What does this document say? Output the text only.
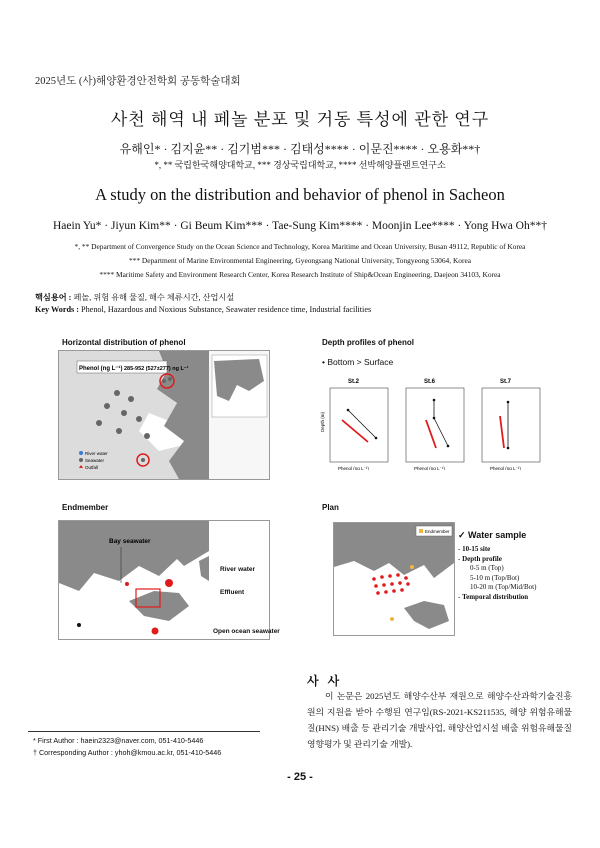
2025년도 (사)해양환경안전학회 공동학술대회
사천 해역 내 페놀 분포 및 거동 특성에 관한 연구
유해인* · 김지윤** · 김기범*** · 김태성**** · 이문진**** · 오용화**†
*, ** 국립한국해양대학교, *** 경상국립대학교, **** 선박해양플랜트연구소
A study on the distribution and behavior of phenol in Sacheon
Haein Yu* · Jiyun Kim** · Gi Beum Kim*** · Tae-Sung Kim**** · Moonjin Lee**** · Yong Hwa Oh**†
*, ** Department of Convergence Study on the Ocean Science and Technology, Korea Maritime and Ocean University, Busan 49112, Republic of Korea
*** Department of Marine Environmental Engineering, Gyeongsang National University, Tongyeong 53064, Korea
**** Maritime Safety and Environment Research Center, Korea Research Institute of Ship&Ocean Engineering, Daejeon 34103, Korea
핵심용어 : 페놀, 위험 유해 물질, 해수 체류시간, 산업시설
Key Words : Phenol, Hazardous and Noxious Substance, Seawater residence time, Industrial facilities
Horizontal distribution of phenol
Phenol (ng L⁻¹) 285-952 (527±277) ng L⁻¹
River water
Seawater
Outfall
Depth profiles of phenol
• Bottom > Surface
St.2
Phenol (ng L⁻¹)
Depth (m)
St.6
Phenol (ng L⁻¹)
St.7
Phenol (ng L⁻¹)
Endmember
Bay seawater
River water
Effluent
Open ocean seawater
Plan
Endmember ✓ Water sample
- 10-15 site
- Depth profile
0-5 m (Top)
5-10 m (Top/Bot)
10-20 m (Top/Mid/Bot)
- Temporal distribution
사 사
이 논문은 2025년도 해양수산부 재원으로 해양수산과학기술진흥원의 지원을 받아 수행된 연구임(RS-2021-KS211535, 해양 위험유해물질(HNS) 배출 등 관리기술 개발사업, 해양산업시설 배출 위험유해물질 영향평가 및 관리기술 개발).
* First Author : haein2323@naver.com, 051-410-5446
† Corresponding Author : yhoh@kmou.ac.kr, 051-410-5446
- 25 -
